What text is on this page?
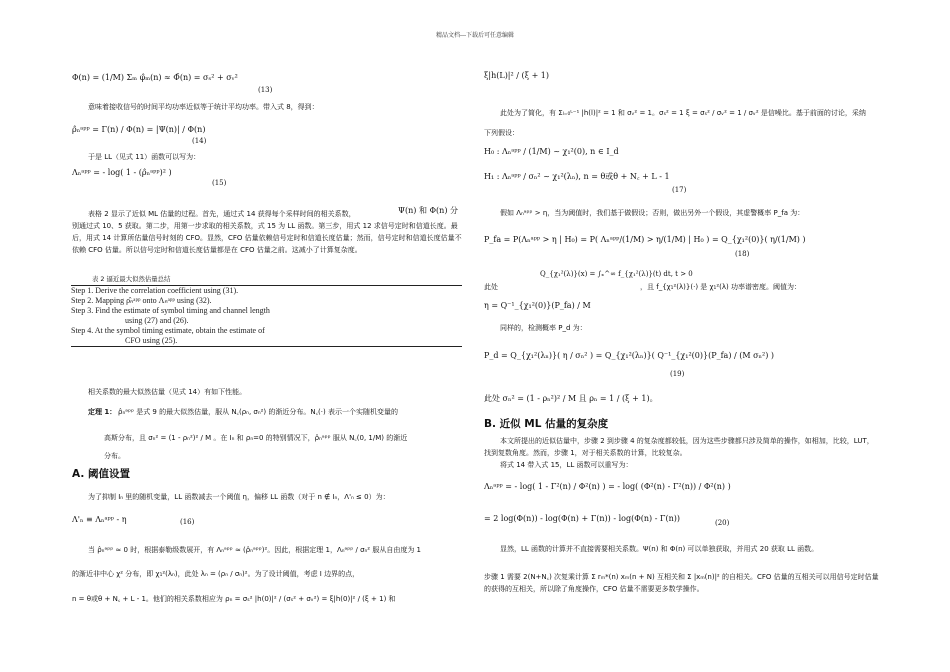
精品文档---下载后可任意编辑
Φ(n) = (1/M) Σₘ φ̂ₘ(n) ≈ Φ̄(n) = σₛ² + σᵥ²
(13)
意味着接收信号的时间平均功率近似等于统计平均功率。带入式 8，得到：
ρ̂ₙᵃᵖᵖ = Γ(n) / Φ(n) = |Ψ(n)| / Φ(n)
(14)
于是 LL（见式 11）函数可以写为：
Λₙᵃᵖᵖ = - log( 1 - (ρ̂ₙᵃᵖᵖ)² )
(15)
表格 2 显示了近似 ML 估量的过程。首先，通过式 14 获得每个采样时间的相关系数，	Ψ(n) 和 Φ(n) 分
别通过式 10、5 获取。第二步，用第一步求取的相关系数，式 15 为 LL 函数。第三步，用式 12 求信号定时和信道长度。最后，用式 14 计算所估量信号时刻的 CFO。显然，CFO 估量依赖信号定时和信道长度估量；然而，信号定时和信道长度估量不依赖 CFO 估量。所以信号定时和信道长度估量都是在 CFO 估量之前。这减小了计算复杂度。
表 2 逼近最大似然估量总结
Step 1. Derive the correlation coefficient using (31).
Step 2. Mapping ρ̂ₙᵃᵖᵖ onto Λₙᵃᵖᵖ using (32).
Step 3. Find the estimate of symbol timing and channel length
using (27) and (26).
Step 4. At the symbol timing estimate, obtain the estimate of
CFO using (25).
相关系数的最大似然估量（见式 14）有如下性能。
定理 1： ρ̂ₙᵃᵖᵖ 是式 9 的最大似然估量，服从 N꜀(ρₙ, σₙ²) 的渐近分布。N꜀(·) 表示一个实随机变量的
高斯分布，且 σₙ² = (1 - ρₙ²)² / M 。在 Iₙ 和 ρₙ=0 的特别情况下，ρ̂ₙᵃᵖᵖ 服从 N꜀(0, 1/M) 的渐近
分布。
A. 阈值设置
为了抑制 Iₙ 里的随机变量，LL 函数减去一个阈值 η，偏移 LL 函数（对于 n ∉ Iₙ，Λ'ₙ ≤ 0）为：
Λ'ₙ ≡ Λₙᵃᵖᵖ - η	(16)
当 ρ̂ₙᵃᵖᵖ ≈ 0 时，根据泰勒级数展开，有 Λₙᵃᵖᵖ ≈ (ρ̂ₙᵃᵖᵖ)²。因此，根据定理 1，Λₙᵃᵖᵖ / σₙ² 服从自由度为 1
的渐近非中心 χ² 分布，即 χ₁²(λₙ)，此处 λₙ = (ρₙ / σₙ)²。为了设计阈值，考虑 I 边界的点，
n = θ或θ + N꜀ + L - 1。他们的相关系数相应为 ρₙ = σₛ² |h(0)|² / (σₛ² + σᵥ²) = ξ|h(0)|² / (ξ + 1) 和
ξ|h(L)|² / (ξ + 1)
此处为了简化，有 Σₗ₌₀ᴸ⁻¹ |h(l)|² = 1 和 σᵥ² = 1。σₛ² = 1 ξ = σₛ² / σᵥ² = 1 / σᵥ² 是信噪比。基于前面的讨论，采纳
下列假设：
H₀ : Λₙᵃᵖᵖ / (1/M) ~ χ₁²(0), n ∈ I_d
H₁ : Λₙᵃᵖᵖ / σₙ² ~ χ₁²(λₙ), n = θ或θ + N꜀ + L - 1
(17)
假如 Λₙᵃᵖᵖ > η，当为阈值时，我们基于做假设；否则，做出另外一个假设，其虚警概率 P_fa 为：
P_fa = P(Λₙᵃᵖᵖ > η | H₀) = P( Λₙᵃᵖᵖ/(1/M) > η/(1/M) | H₀ ) = Q_{χ₁²(0)}( η/(1/M) )
(18)
Q_{χ₁²(λ)}(x) = ∫ₓ^∞ f_{χ₁²(λ)}(t) dt, t > 0
此处	，且 f_{χ₁²(λ)}(·) 是 χ₁²(λ) 功率谱密度。阈值为：
η = Q⁻¹_{χ₁²(0)}(P_fa) / M
同样的，检测概率 P_d 为：
P_d = Q_{χ₁²(λₙ)}( η / σₙ² ) = Q_{χ₁²(λₙ)}( Q⁻¹_{χ₁²(0)}(P_fa) / (M σₙ²) )
(19)
此处 σₙ² = (1 - ρₙ²)² / M 且 ρₙ = 1 / (ξ + 1)。
B. 近似 ML 估量的复杂度
本文所提出的近似估量中，步骤 2 到步骤 4 的复杂度都较低，因为这些步骤都只涉及简单的操作，如相加，比较，LUT，找到复数角度。然而，步骤 1，对于相关系数的计算，比较复杂。
将式 14 带入式 15，LL 函数可以重写为：
Λₙᵃᵖᵖ = - log( 1 - Γ²(n) / Φ²(n) ) = - log( (Φ²(n) - Γ²(n)) / Φ²(n) )
= 2 log(Φ(n)) - log(Φ(n) + Γ(n)) - log(Φ(n) - Γ(n))	(20)
显然，LL 函数的计算并不直接需要相关系数。Ψ(n) 和 Φ(n) 可以单独获取，并用式 20 获取 LL 函数。
步骤 1 需要 2(N+N꜀) 次复乘计算 Σ rₘ*(n) xₘ(n + N) 互相关和 Σ |xₘ(n)|² 的自相关。CFO 估量的互相关可以用信号定时估量的获得的互相关，所以除了角度操作，CFO 估量不需要更多数学操作。
